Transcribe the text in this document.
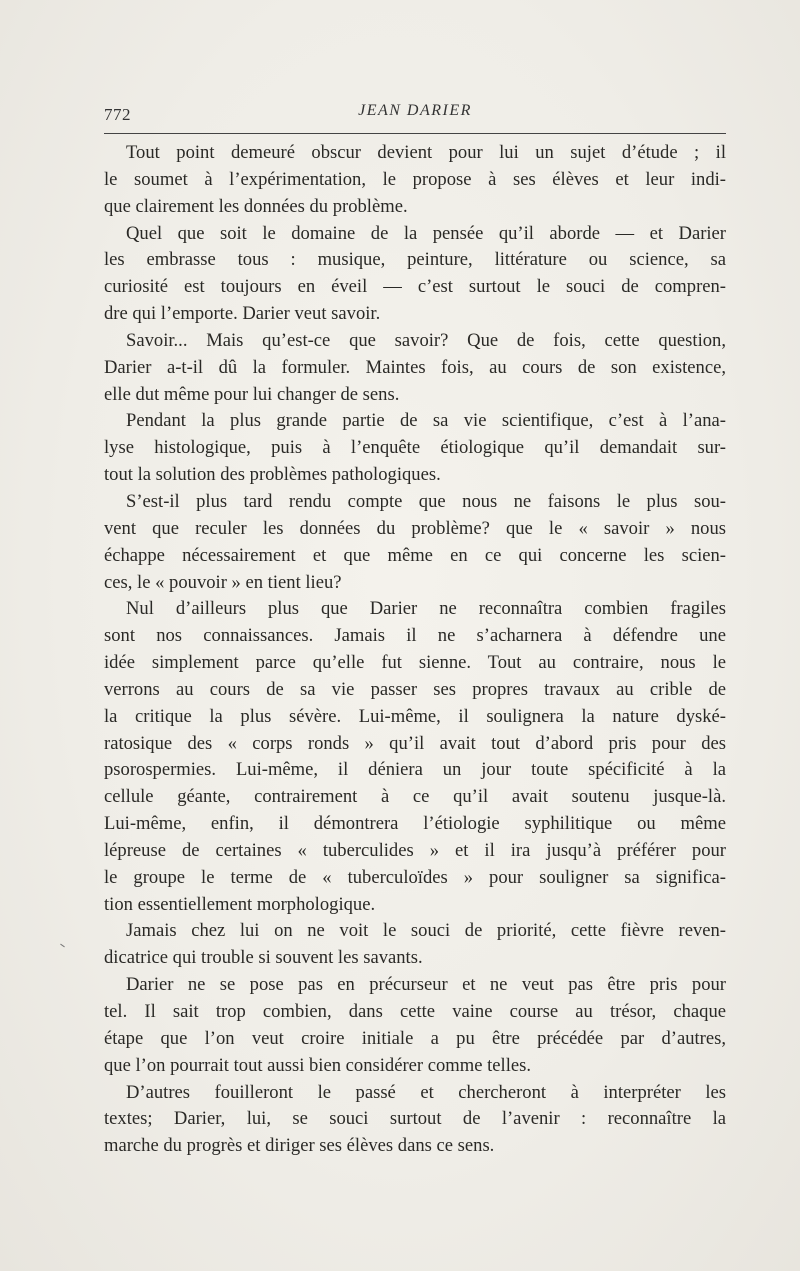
772	JEAN DARIER
Tout point demeuré obscur devient pour lui un sujet d’étude ; il
le soumet à l’expérimentation, le propose à ses élèves et leur indi-
que clairement les données du problème.
Quel que soit le domaine de la pensée qu’il aborde — et Darier
les embrasse tous : musique, peinture, littérature ou science, sa
curiosité est toujours en éveil — c’est surtout le souci de compren-
dre qui l’emporte. Darier veut savoir.
Savoir... Mais qu’est-ce que savoir? Que de fois, cette question,
Darier a-t-il dû la formuler. Maintes fois, au cours de son existence,
elle dut même pour lui changer de sens.
Pendant la plus grande partie de sa vie scientifique, c’est à l’ana-
lyse histologique, puis à l’enquête étiologique qu’il demandait sur-
tout la solution des problèmes pathologiques.
S’est-il plus tard rendu compte que nous ne faisons le plus sou-
vent que reculer les données du problème? que le « savoir » nous
échappe nécessairement et que même en ce qui concerne les scien-
ces, le « pouvoir » en tient lieu?
Nul d’ailleurs plus que Darier ne reconnaîtra combien fragiles
sont nos connaissances. Jamais il ne s’acharnera à défendre une
idée simplement parce qu’elle fut sienne. Tout au contraire, nous le
verrons au cours de sa vie passer ses propres travaux au crible de
la critique la plus sévère. Lui-même, il soulignera la nature dyské-
ratosique des « corps ronds » qu’il avait tout d’abord pris pour des
psorospermies. Lui-même, il déniera un jour toute spécificité à la
cellule géante, contrairement à ce qu’il avait soutenu jusque-là.
Lui-même, enfin, il démontrera l’étiologie syphilitique ou même
lépreuse de certaines « tuberculides » et il ira jusqu’à préférer pour
le groupe le terme de « tuberculoïdes » pour souligner sa significa-
tion essentiellement morphologique.
Jamais chez lui on ne voit le souci de priorité, cette fièvre reven-
dicatrice qui trouble si souvent les savants.
Darier ne se pose pas en précurseur et ne veut pas être pris pour
tel. Il sait trop combien, dans cette vaine course au trésor, chaque
étape que l’on veut croire initiale a pu être précédée par d’autres,
que l’on pourrait tout aussi bien considérer comme telles.
D’autres fouilleront le passé et chercheront à interpréter les
textes; Darier, lui, se souci surtout de l’avenir : reconnaître la
marche du progrès et diriger ses élèves dans ce sens.
